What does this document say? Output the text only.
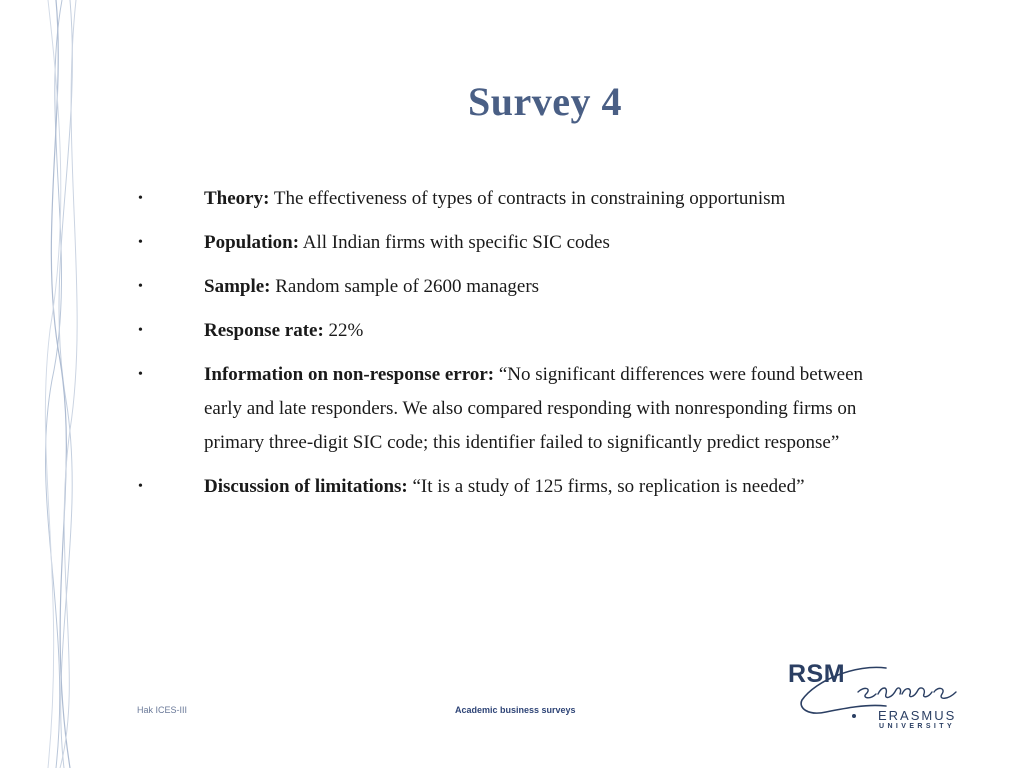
Survey 4
•	Theory: The effectiveness of types of contracts in constraining opportunism
•	Population: All Indian firms with specific SIC codes
•	Sample: Random sample of 2600 managers
•	Response rate: 22%
•	Information on non-response error: “No significant differences were found between early and late responders. We also compared responding with nonresponding firms on primary three-digit SIC code; this identifier failed to significantly predict response”
•	Discussion of limitations: “It is a study of 125 firms, so replication is needed”
Hak ICES-III	Academic business surveys
RSM
ERASMUS
UNIVERSITY
